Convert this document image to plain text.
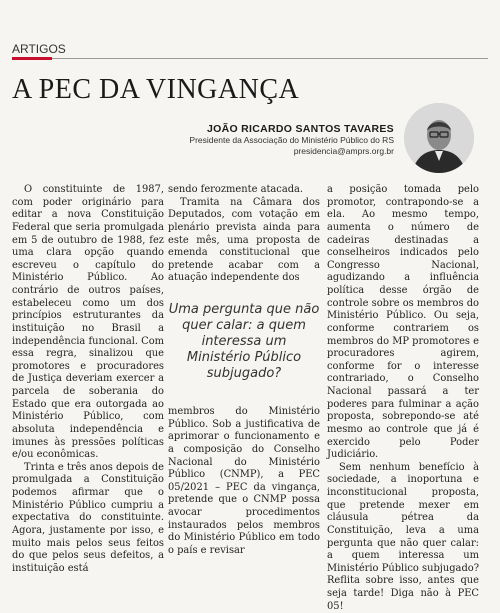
ARTIGOS
A PEC DA VINGANÇA
JOÃO RICARDO SANTOS TAVARES
Presidente da Associação do Ministério Público do RS
presidencia@amprs.org.br

O constituinte de 1987, com poder originário para editar a nova Constituição Federal que seria promulgada em 5 de outubro de 1988, fez uma clara opção quando escreveu o capítulo do Ministério Público. Ao contrário de outros países, estabeleceu como um dos princípios estruturantes da instituição no Brasil a independência funcional. Com essa regra, sinalizou que promotores e procuradores de Justiça deveriam exercer a parcela de soberania do Estado que era outorgada ao Ministério Público, com absoluta independência e imunes às pressões políticas e/ou econômicas.

Trinta e três anos depois de promulgada a Constituição podemos afirmar que o Ministério Público cumpriu a expectativa do constituinte. Agora, justamente por isso, e muito mais pelos seus feitos do que pelos seus defeitos, a instituição está

sendo ferozmente atacada.

Tramita na Câmara dos Deputados, com votação em plenário prevista ainda para este mês, uma proposta de emenda constitucional que pretende acabar com a atuação independente dos

Uma pergunta que não quer calar: a quem interessa um Ministério Público subjugado?

membros do Ministério Público. Sob a justificativa de aprimorar o funcionamento e a composição do Conselho Nacional do Ministério Público (CNMP), a PEC 05/2021 – PEC da vingança, pretende que o CNMP possa avocar procedimentos instaurados pelos membros do Ministério Público em todo o país e revisar

a posição tomada pelo promotor, contrapondo-se a ela. Ao mesmo tempo, aumenta o número de cadeiras destinadas a conselheiros indicados pelo Congresso Nacional, agudizando a influência política desse órgão de controle sobre os membros do Ministério Público. Ou seja, conforme contrariem os membros do MP promotores e procuradores agirem, conforme for o interesse contrariado, o Conselho Nacional passará a ter poderes para fulminar a ação proposta, sobrepondo-se até mesmo ao controle que já é exercido pelo Poder Judiciário.

Sem nenhum benefício à sociedade, a inoportuna e inconstitucional proposta, que pretende mexer em cláusula pétrea da Constituição, leva a uma pergunta que não quer calar: a quem interessa um Ministério Público subjugado? Reflita sobre isso, antes que seja tarde! Diga não à PEC 05!
